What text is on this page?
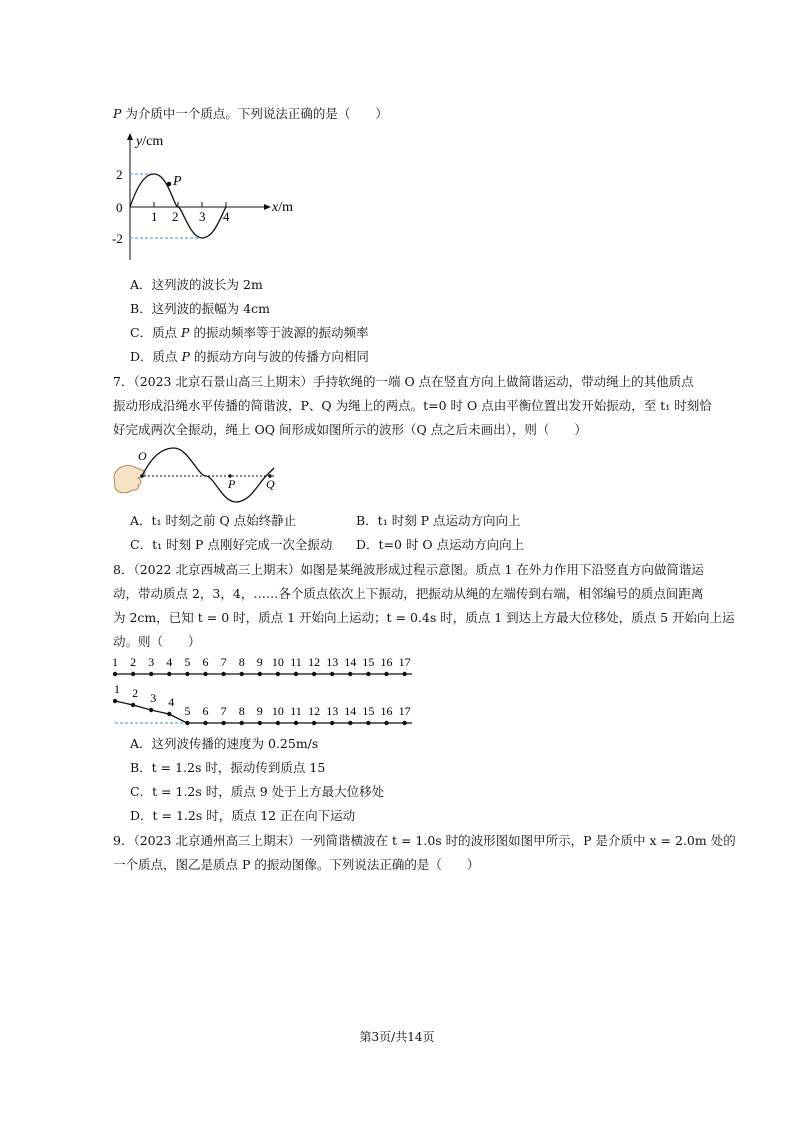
P 为介质中一个质点。下列说法正确的是（　　）
y/cm
x/m
2
0
-2
1 2 3 4
P
A．这列波的波长为 2m
B．这列波的振幅为 4cm
C．质点 P 的振动频率等于波源的振动频率
D．质点 P 的振动方向与波的传播方向相同
7．（2023 北京石景山高三上期末）手持软绳的一端 O 点在竖直方向上做简谐运动，带动绳上的其他质点
振动形成沿绳水平传播的简谐波，P、Q 为绳上的两点。t=0 时 O 点由平衡位置出发开始振动，至 t₁ 时刻恰
好完成两次全振动，绳上 OQ 间形成如图所示的波形（Q 点之后未画出），则（　　）
O
P	Q
A．t₁ 时刻之前 Q 点始终静止	B．t₁ 时刻 P 点运动方向向上
C．t₁ 时刻 P 点刚好完成一次全振动 D．t=0 时 O 点运动方向向上
8．（2022 北京西城高三上期末）如图是某绳波形成过程示意图。质点 1 在外力作用下沿竖直方向做简谐运
动，带动质点 2，3，4，……各个质点依次上下振动，把振动从绳的左端传到右端，相邻编号的质点间距离
为 2cm，已知 t = 0 时，质点 1 开始向上运动；t = 0.4s 时，质点 1 到达上方最大位移处，质点 5 开始向上运
动。则（　　）
1 2 3 4 5 6 7 8 9 10 11 12 13 14 15 16 17
1 2 3 4
5 6 7 8 9 10 11 12 13 14 15 16 17
A．这列波传播的速度为 0.25m/s
B．t = 1.2s 时，振动传到质点 15
C．t = 1.2s 时，质点 9 处于上方最大位移处
D．t = 1.2s 时，质点 12 正在向下运动
9．（2023 北京通州高三上期末）一列简谐横波在 t = 1.0s 时的波形图如图甲所示，P 是介质中 x = 2.0m 处的
一个质点，图乙是质点 P 的振动图像。下列说法正确的是（　　）
第3页/共14页
